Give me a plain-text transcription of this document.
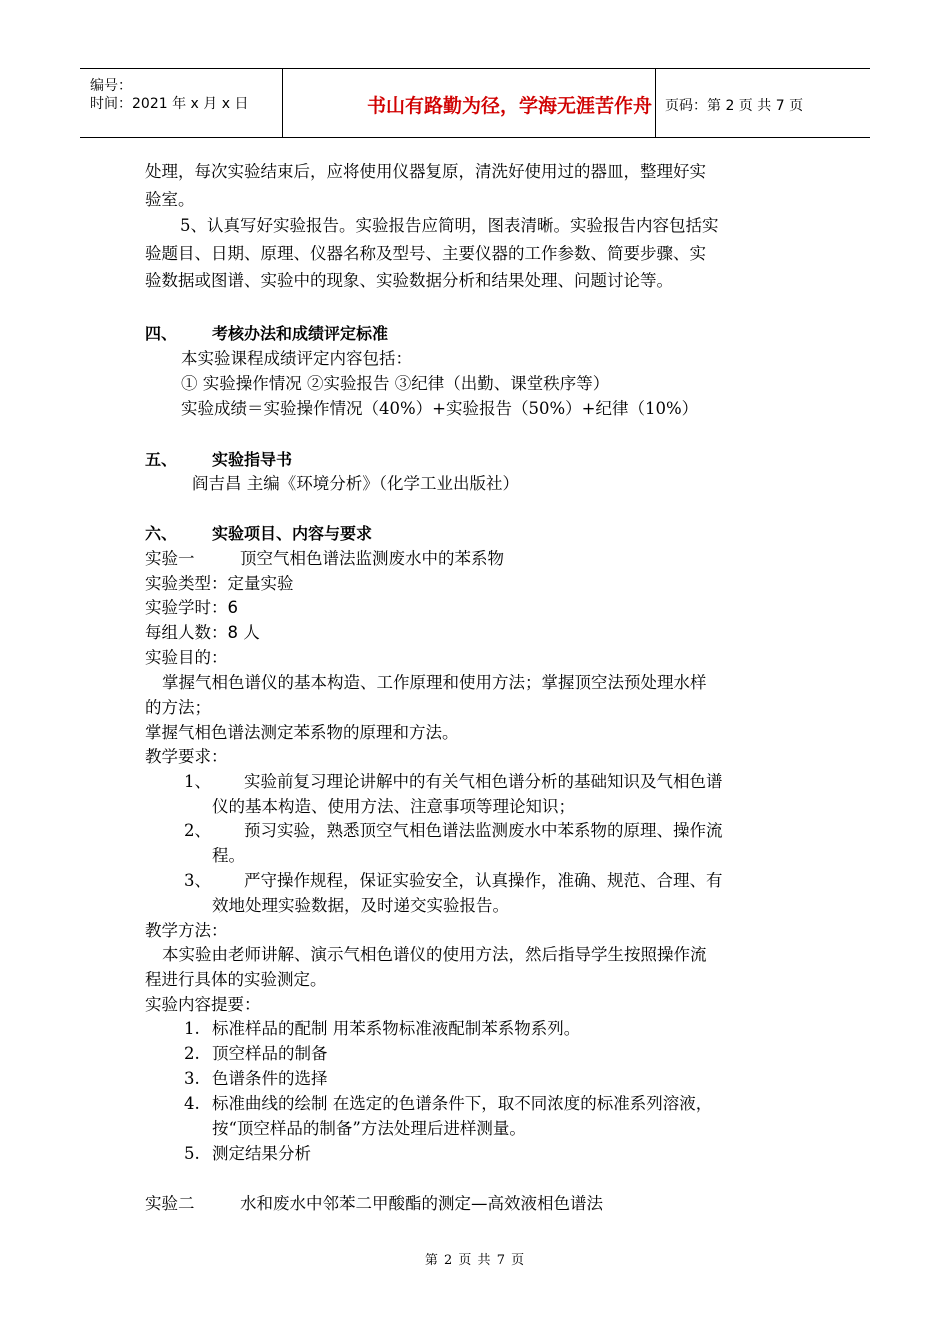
编号：
时间：2021 年 x 月 x 日	书山有路勤为径，学海无涯苦作舟 页码：第 2 页 共 7 页
处理，每次实验结束后，应将使用仪器复原，清洗好使用过的器皿，整理好实
验室。
5、认真写好实验报告。实验报告应简明，图表清晰。实验报告内容包括实
验题目、日期、原理、仪器名称及型号、主要仪器的工作参数、简要步骤、实
验数据或图谱、实验中的现象、实验数据分析和结果处理、问题讨论等。
四、 考核办法和成绩评定标准
本实验课程成绩评定内容包括：
① 实验操作情况 ②实验报告 ③纪律（出勤、课堂秩序等）
实验成绩＝实验操作情况（40%）+实验报告（50%）+纪律（10%）
五、 实验指导书
阎吉昌 主编《环境分析》（化学工业出版社）
六、 实验项目、内容与要求
实验一	顶空气相色谱法监测废水中的苯系物
实验类型：定量实验
实验学时：6
每组人数：8 人
实验目的：
掌握气相色谱仪的基本构造、工作原理和使用方法；掌握顶空法预处理水样
的方法；
掌握气相色谱法测定苯系物的原理和方法。
教学要求：
1、 实验前复习理论讲解中的有关气相色谱分析的基础知识及气相色谱
仪的基本构造、使用方法、注意事项等理论知识；
2、 预习实验，熟悉顶空气相色谱法监测废水中苯系物的原理、操作流
程。
3、 严守操作规程，保证实验安全，认真操作，准确、规范、合理、有
效地处理实验数据，及时递交实验报告。
教学方法：
本实验由老师讲解、演示气相色谱仪的使用方法，然后指导学生按照操作流
程进行具体的实验测定。
实验内容提要：
1. 标准样品的配制 用苯系物标准液配制苯系物系列。
2. 顶空样品的制备
3. 色谱条件的选择
4. 标准曲线的绘制 在选定的色谱条件下，取不同浓度的标准系列溶液，
按“顶空样品的制备”方法处理后进样测量。
5. 测定结果分析
实验二	水和废水中邻苯二甲酸酯的测定—高效液相色谱法
第 2 页 共 7 页
